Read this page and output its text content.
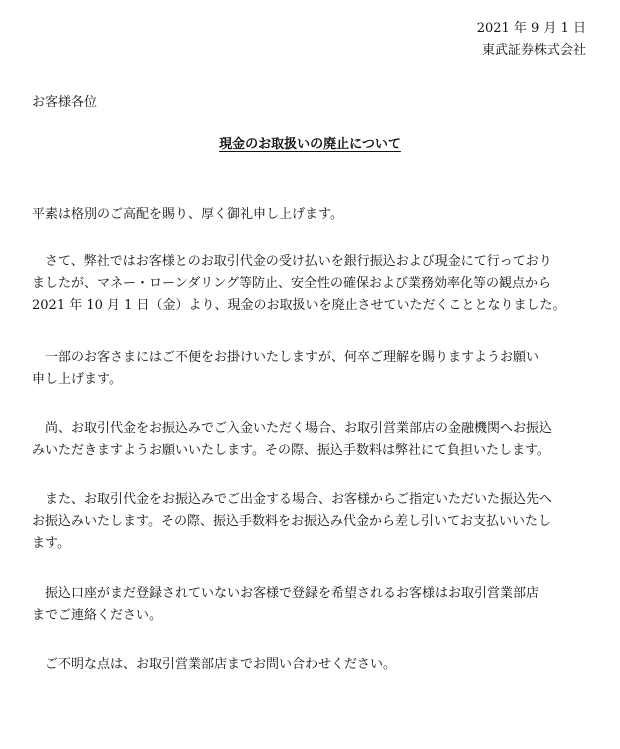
2021 年 9 月 1 日
東武証券株式会社
お客様各位
現金のお取扱いの廃止について
平素は格別のご高配を賜り、厚く御礼申し上げます。
　さて、弊社ではお客様とのお取引代金の受け払いを銀行振込および現金にて行っており
ましたが、マネー・ローンダリング等防止、安全性の確保および業務効率化等の観点から
2021 年 10 月 1 日（金）より、現金のお取扱いを廃止させていただくこととなりました。
　一部のお客さまにはご不便をお掛けいたしますが、何卒ご理解を賜りますようお願い
申し上げます。
　尚、お取引代金をお振込みでご入金いただく場合、お取引営業部店の金融機関へお振込
みいただきますようお願いいたします。その際、振込手数料は弊社にて負担いたします。
　また、お取引代金をお振込みでご出金する場合、お客様からご指定いただいた振込先へ
お振込みいたします。その際、振込手数料をお振込み代金から差し引いてお支払いいたし
ます。
　振込口座がまだ登録されていないお客様で登録を希望されるお客様はお取引営業部店
までご連絡ください。
　ご不明な点は、お取引営業部店までお問い合わせください。
